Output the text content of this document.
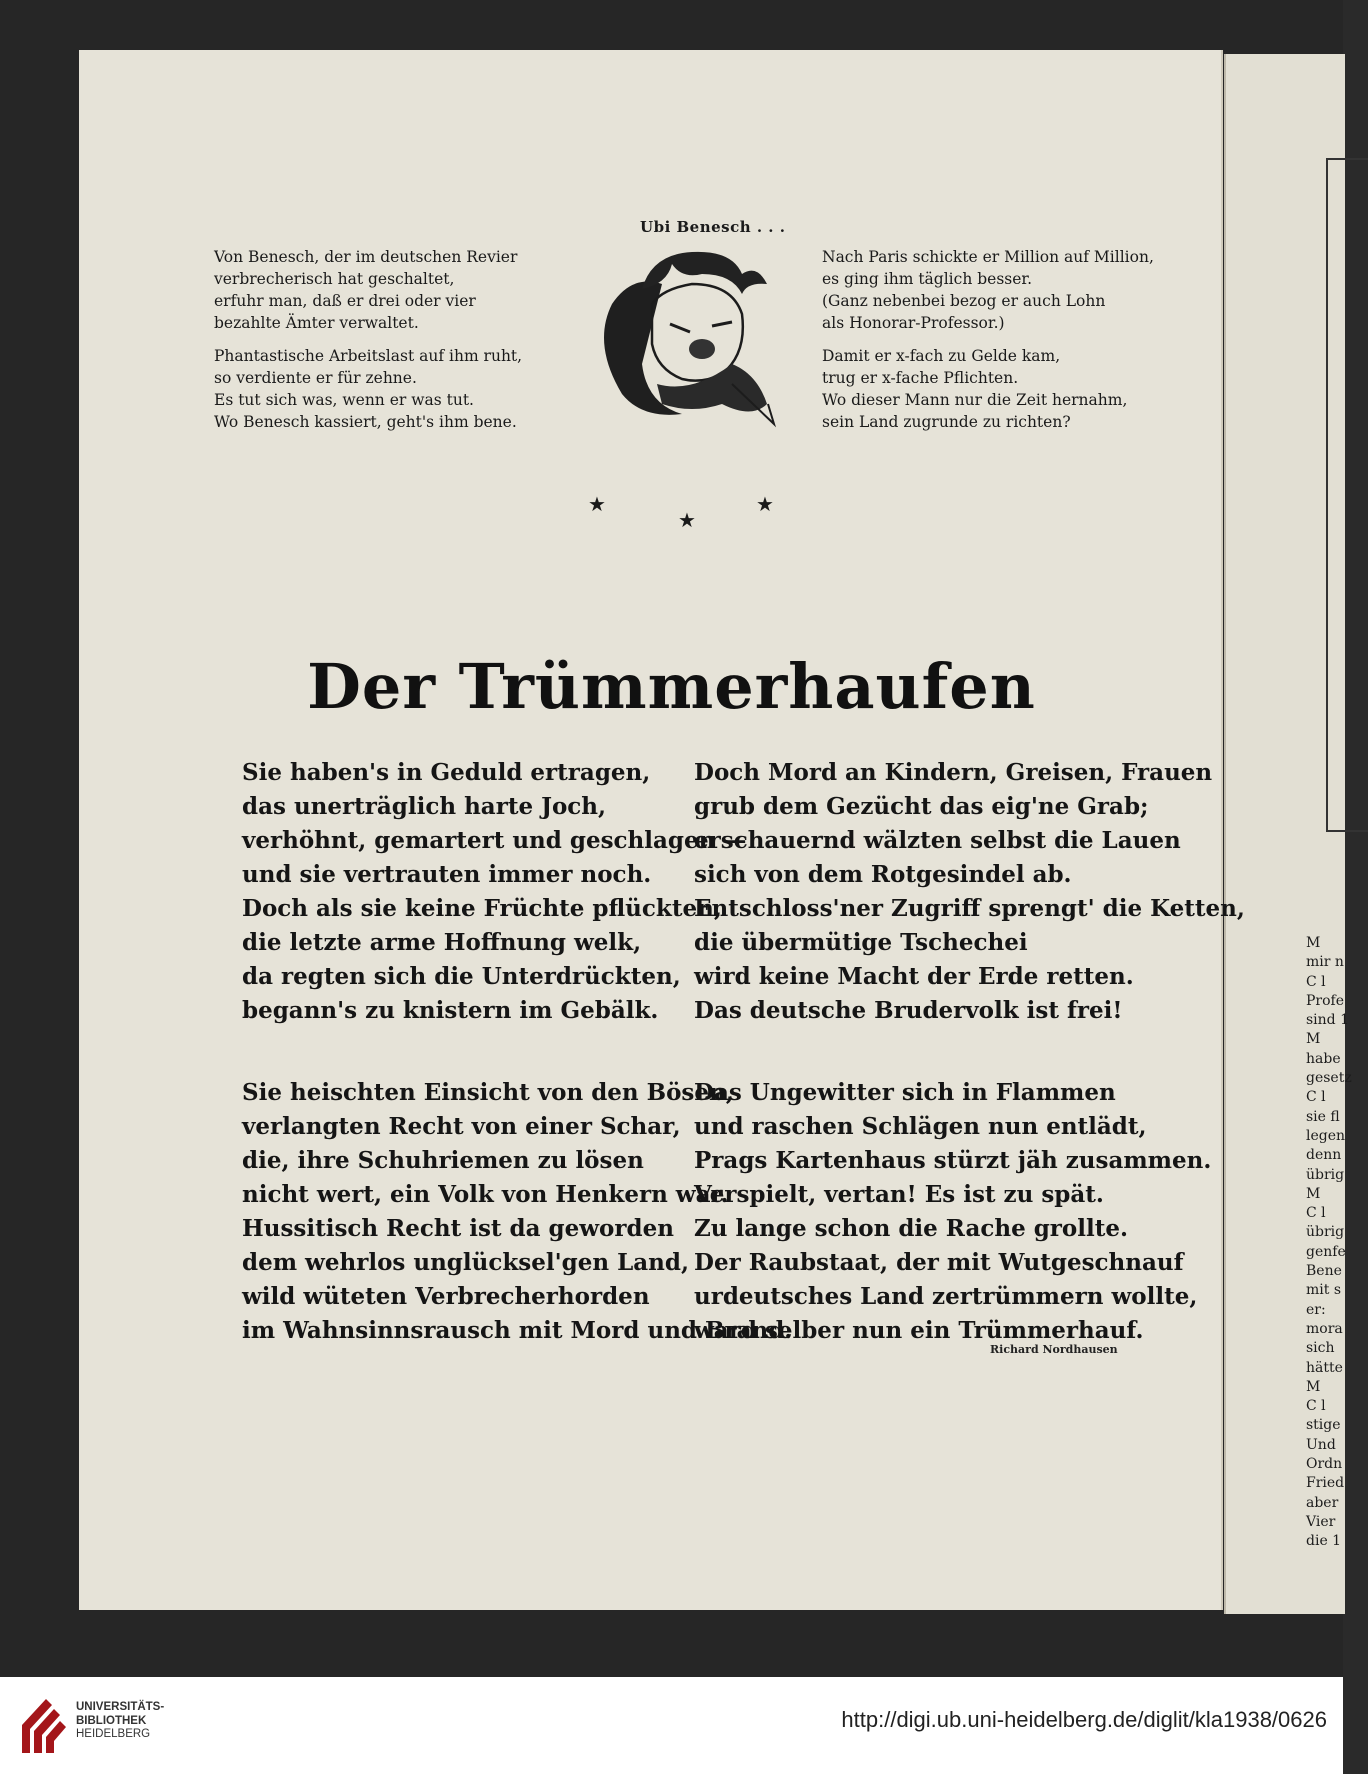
M
mir n
C l
Profe
sind 1
M
habe
gesetz
C l
sie fl
legen
denn
übrig
M
C l
übrig
genfe
Bene
mit s
er:
mora
sich
hätte
M
C l
stige
Und
Ordn
Fried
aber
Vier
die 1
Ubi Benesch . . .
Von Benesch, der im deutschen Revier
verbrecherisch hat geschaltet,
erfuhr man, daß er drei oder vier
bezahlte Ämter verwaltet.
Phantastische Arbeitslast auf ihm ruht,
so verdiente er für zehne.
Es tut sich was, wenn er was tut.
Wo Benesch kassiert, geht's ihm bene.
Nach Paris schickte er Million auf Million,
es ging ihm täglich besser.
(Ganz nebenbei bezog er auch Lohn
als Honorar-Professor.)
Damit er x-fach zu Gelde kam,
trug er x-fache Pflichten.
Wo dieser Mann nur die Zeit hernahm,
sein Land zugrunde zu richten?
★
★
★
Der Trümmerhaufen
Sie haben's in Geduld ertragen,
das unerträglich harte Joch,
verhöhnt, gemartert und geschlagen —
und sie vertrauten immer noch.
Doch als sie keine Früchte pflückten,
die letzte arme Hoffnung welk,
da regten sich die Unterdrückten,
begann's zu knistern im Gebälk.
Sie heischten Einsicht von den Bösen,
verlangten Recht von einer Schar,
die, ihre Schuhriemen zu lösen
nicht wert, ein Volk von Henkern war.
Hussitisch Recht ist da geworden
dem wehrlos unglücksel'gen Land,
wild wüteten Verbrecherhorden
im Wahnsinnsrausch mit Mord und Brand.
Doch Mord an Kindern, Greisen, Frauen
grub dem Gezücht das eig'ne Grab;
erschauernd wälzten selbst die Lauen
sich von dem Rotgesindel ab.
Entschloss'ner Zugriff sprengt' die Ketten,
die übermütige Tschechei
wird keine Macht der Erde retten.
Das deutsche Brudervolk ist frei!
Das Ungewitter sich in Flammen
und raschen Schlägen nun entlädt,
Prags Kartenhaus stürzt jäh zusammen.
Verspielt, vertan! Es ist zu spät.
Zu lange schon die Rache grollte.
Der Raubstaat, der mit Wutgeschnauf
urdeutsches Land zertrümmern wollte,
ward selber nun ein Trümmerhauf.
Richard Nordhausen
UNIVERSITÄTS-
BIBLIOTHEK
HEIDELBERG
http://digi.ub.uni-heidelberg.de/diglit/kla1938/0626
